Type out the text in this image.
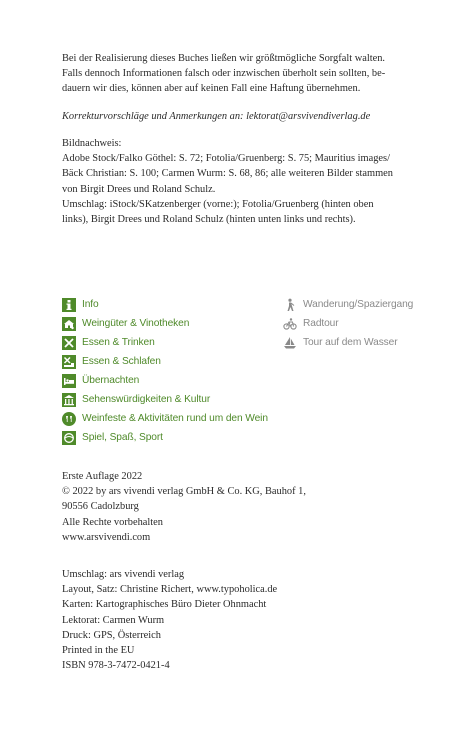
Bei der Realisierung dieses Buches ließen wir größtmögliche Sorgfalt walten.

Falls dennoch Informationen falsch oder inzwischen überholt sein sollten, be-

dauern wir dies, können aber auf keinen Fall eine Haftung übernehmen.

Korrekturvorschläge und Anmerkungen an: lektorat@arsvivendiverlag.de

Bildnachweis:

Adobe Stock/Falko Göthel: S. 72; Fotolia/Gruenberg: S. 75; Mauritius images/

Bäck Christian: S. 100; Carmen Wurm: S. 68, 86; alle weiteren Bilder stammen

von Birgit Drees und Roland Schulz.

Umschlag: iStock/SKatzenberger (vorne:); Fotolia/Gruenberg (hinten oben

links), Birgit Drees und Roland Schulz (hinten unten links und rechts).

Info
Weingüter & Vinotheken
Essen & Trinken
Essen & Schlafen
Übernachten
Sehenswürdigkeiten & Kultur
Weinfeste & Aktivitäten rund um den Wein
Spiel, Spaß, Sport
Wanderung/Spaziergang
Radtour
Tour auf dem Wasser

Erste Auflage 2022

© 2022 by ars vivendi verlag GmbH & Co. KG, Bauhof 1,

90556 Cadolzburg

Alle Rechte vorbehalten

www.arsvivendi.com

Umschlag: ars vivendi verlag

Layout, Satz: Christine Richert, www.typoholica.de

Karten: Kartographisches Büro Dieter Ohnmacht

Lektorat: Carmen Wurm

Druck: GPS, Österreich

Printed in the EU

ISBN 978-3-7472-0421-4
